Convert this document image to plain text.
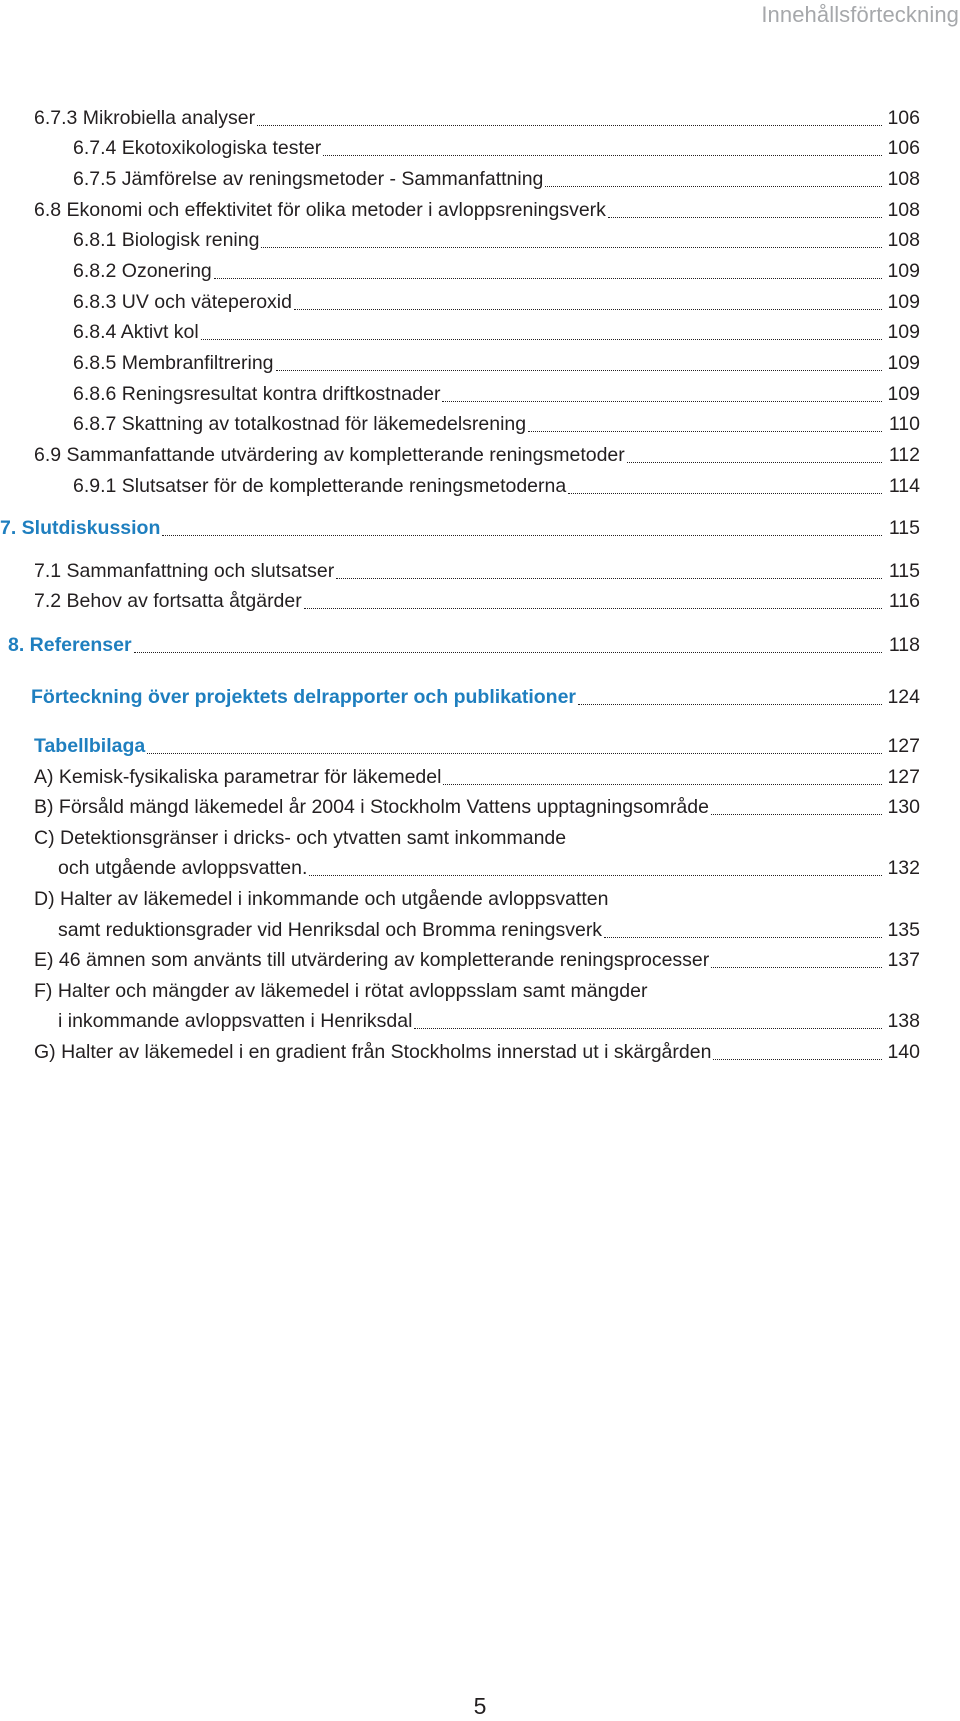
Innehållsförteckning
6.7.3 Mikrobiella analyser	106
6.7.4 Ekotoxikologiska tester	106
6.7.5 Jämförelse av reningsmetoder - Sammanfattning	108
6.8 Ekonomi och effektivitet för olika metoder i avloppsreningsverk	108
6.8.1 Biologisk rening	108
6.8.2 Ozonering	109
6.8.3 UV och väteperoxid	109
6.8.4 Aktivt kol	109
6.8.5 Membranfiltrering	109
6.8.6 Reningsresultat kontra driftkostnader	109
6.8.7 Skattning av totalkostnad för läkemedelsrening	110
6.9 Sammanfattande utvärdering av kompletterande reningsmetoder	112
6.9.1 Slutsatser för de kompletterande reningsmetoderna	114
7. Slutdiskussion	115
7.1 Sammanfattning och slutsatser	115
7.2 Behov av fortsatta åtgärder	116
8. Referenser	118
Förteckning över projektets delrapporter och publikationer	124
Tabellbilaga	127
A) Kemisk-fysikaliska parametrar för läkemedel	127
B) Försåld mängd läkemedel år 2004 i Stockholm Vattens upptagningsområde	130
C) Detektionsgränser i dricks- och ytvatten samt inkommande
och utgående avloppsvatten.	132
D) Halter av läkemedel i inkommande och utgående avloppsvatten
samt reduktionsgrader vid Henriksdal och Bromma reningsverk	135
E) 46 ämnen som använts till utvärdering av kompletterande reningsprocesser	137
F) Halter och mängder av läkemedel i rötat avloppsslam samt mängder
i inkommande avloppsvatten i Henriksdal	138
G) Halter av läkemedel i en gradient från Stockholms innerstad ut i skärgården	140
5
